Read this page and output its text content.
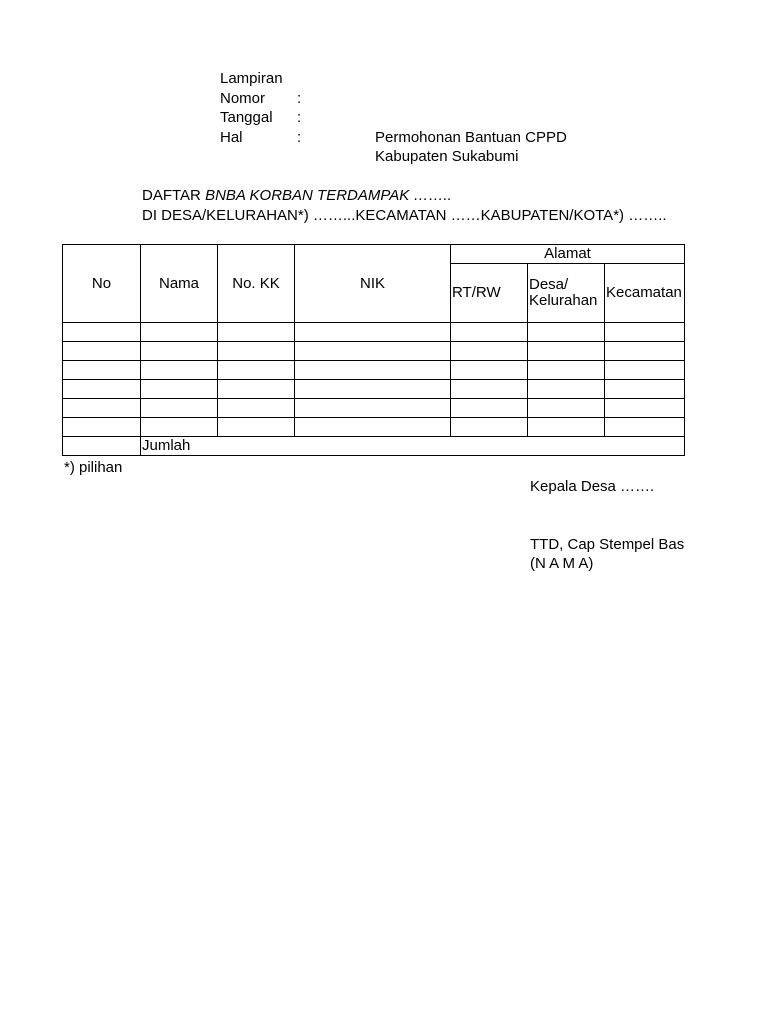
Lampiran
Nomor :
Tanggal :
Hal	:	Permohonan Bantuan CPPD
Kabupaten Sukabumi
DAFTAR BNBA KORBAN TERDAMPAK ……..
DI DESA/KELURAHAN*) ……...KECAMATAN ……KABUPATEN/KOTA*) ……..
No	Nama	No. KK	NIK	Alamat		
				RT/RW	Desa/ Kelurahan	Kecamatan

	Jumlah					
*) pilihan
Kepala Desa …….
TTD, Cap Stempel Bas
(N A M A)
